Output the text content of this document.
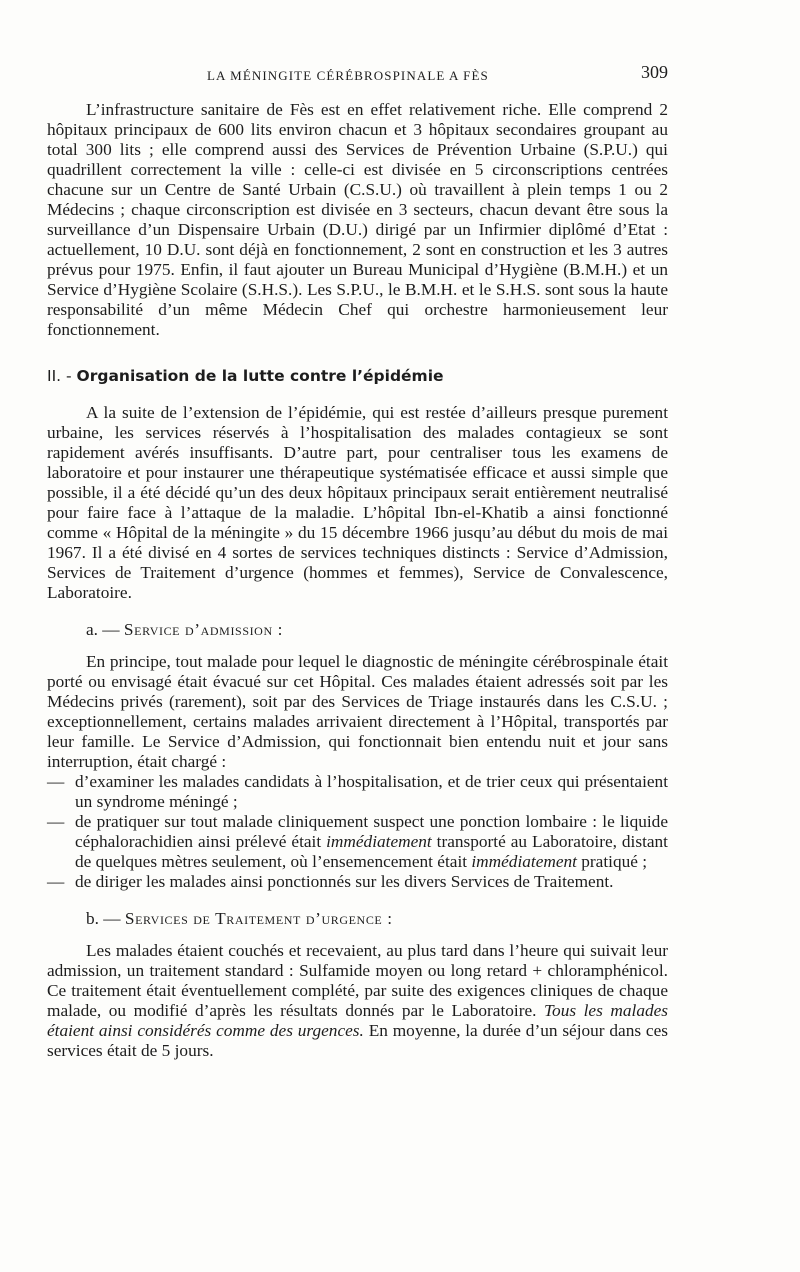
LA MÉNINGITE CÉRÉBROSPINALE A FÈS	309

L’infrastructure sanitaire de Fès est en effet relativement riche. Elle comprend 2 hôpitaux principaux de 600 lits environ chacun et 3 hôpitaux secondaires groupant au total 300 lits ; elle comprend aussi des Services de Prévention Urbaine (S.P.U.) qui quadrillent correctement la ville : celle-ci est divisée en 5 circonscriptions centrées chacune sur un Centre de Santé Urbain (C.S.U.) où travaillent à plein temps 1 ou 2 Médecins ; chaque circonscription est divisée en 3 secteurs, chacun devant être sous la surveillance d’un Dispensaire Urbain (D.U.) dirigé par un Infirmier diplômé d’Etat : actuellement, 10 D.U. sont déjà en fonctionnement, 2 sont en construction et les 3 autres prévus pour 1975. Enfin, il faut ajouter un Bureau Municipal d’Hygiène (B.M.H.) et un Service d’Hygiène Scolaire (S.H.S.). Les S.P.U., le B.M.H. et le S.H.S. sont sous la haute responsabilité d’un même Médecin Chef qui orchestre harmonieusement leur fonctionnement.

II. - Organisation de la lutte contre l’épidémie

A la suite de l’extension de l’épidémie, qui est restée d’ailleurs presque purement urbaine, les services réservés à l’hospitalisation des malades contagieux se sont rapidement avérés insuffisants. D’autre part, pour centraliser tous les examens de laboratoire et pour instaurer une thérapeutique systématisée efficace et aussi simple que possible, il a été décidé qu’un des deux hôpitaux principaux serait entièrement neutralisé pour faire face à l’attaque de la maladie. L’hôpital Ibn-el-Khatib a ainsi fonctionné comme « Hôpital de la méningite » du 15 décembre 1966 jusqu’au début du mois de mai 1967. Il a été divisé en 4 sortes de services techniques distincts : Service d’Admission, Services de Traitement d’urgence (hommes et femmes), Service de Convalescence, Laboratoire.

a. — Service d’admission :

En principe, tout malade pour lequel le diagnostic de méningite cérébrospinale était porté ou envisagé était évacué sur cet Hôpital. Ces malades étaient adressés soit par les Médecins privés (rarement), soit par des Services de Triage instaurés dans les C.S.U. ; exceptionnellement, certains malades arrivaient directement à l’Hôpital, transportés par leur famille. Le Service d’Admission, qui fonctionnait bien entendu nuit et jour sans interruption, était chargé :

— d’examiner les malades candidats à l’hospitalisation, et de trier ceux qui présentaient un syndrome méningé ;
— de pratiquer sur tout malade cliniquement suspect une ponction lombaire : le liquide céphalorachidien ainsi prélevé était immédiatement transporté au Laboratoire, distant de quelques mètres seulement, où l’ensemencement était immédiatement pratiqué ;
— de diriger les malades ainsi ponctionnés sur les divers Services de Traitement.
b. — Services de Traitement d’urgence :

Les malades étaient couchés et recevaient, au plus tard dans l’heure qui suivait leur admission, un traitement standard : Sulfamide moyen ou long retard + chloramphénicol. Ce traitement était éventuellement complété, par suite des exigences cliniques de chaque malade, ou modifié d’après les résultats donnés par le Laboratoire. Tous les malades étaient ainsi considérés comme des urgences. En moyenne, la durée d’un séjour dans ces services était de 5 jours.
